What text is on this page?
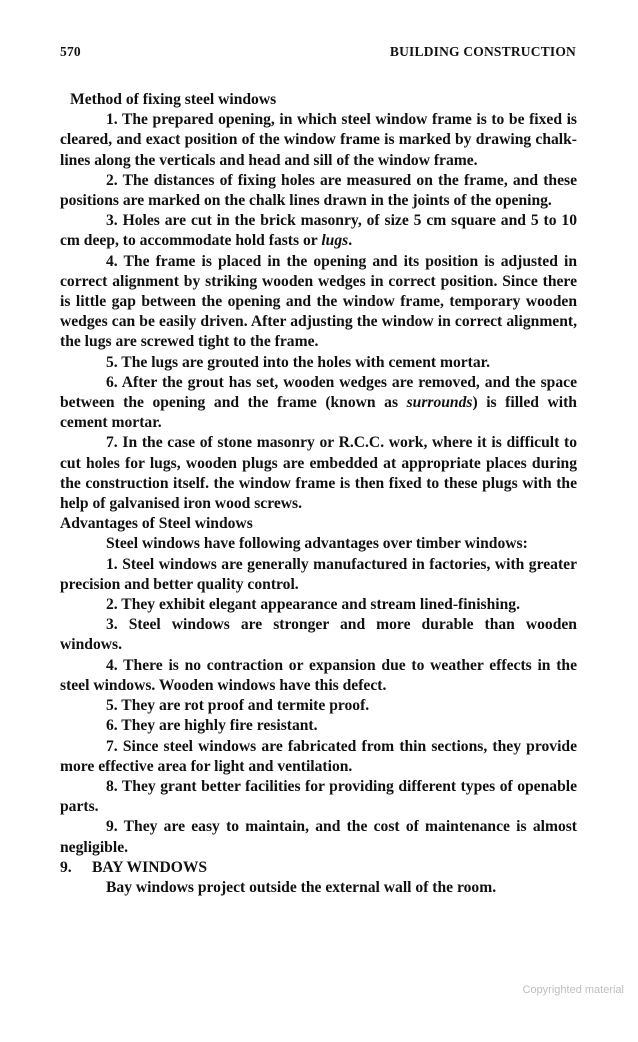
570	BUILDING CONSTRUCTION
Method of fixing steel windows

1. The prepared opening, in which steel window frame is to be fixed is cleared, and exact position of the window frame is marked by drawing chalk-lines along the verticals and head and sill of the window frame.

2. The distances of fixing holes are measured on the frame, and these positions are marked on the chalk lines drawn in the joints of the opening.

3. Holes are cut in the brick masonry, of size 5 cm square and 5 to 10 cm deep, to accommodate hold fasts or lugs.

4. The frame is placed in the opening and its position is adjusted in correct alignment by striking wooden wedges in correct position. Since there is little gap between the opening and the window frame, temporary wooden wedges can be easily driven. After adjusting the window in correct alignment, the lugs are screwed tight to the frame.

5. The lugs are grouted into the holes with cement mortar.

6. After the grout has set, wooden wedges are removed, and the space between the opening and the frame (known as surrounds) is filled with cement mortar.

7. In the case of stone masonry or R.C.C. work, where it is difficult to cut holes for lugs, wooden plugs are embedded at appropriate places during the construction itself. the window frame is then fixed to these plugs with the help of galvanised iron wood screws.

Advantages of Steel windows

Steel windows have following advantages over timber windows:

1. Steel windows are generally manufactured in factories, with greater precision and better quality control.

2. They exhibit elegant appearance and stream lined-finishing.

3. Steel windows are stronger and more durable than wooden windows.

4. There is no contraction or expansion due to weather effects in the steel windows. Wooden windows have this defect.

5. They are rot proof and termite proof.

6. They are highly fire resistant.

7. Since steel windows are fabricated from thin sections, they provide more effective area for light and ventilation.

8. They grant better facilities for providing different types of openable parts.

9. They are easy to maintain, and the cost of maintenance is almost negligible.

9. BAY WINDOWS

Bay windows project outside the external wall of the room.

Copyrighted material
